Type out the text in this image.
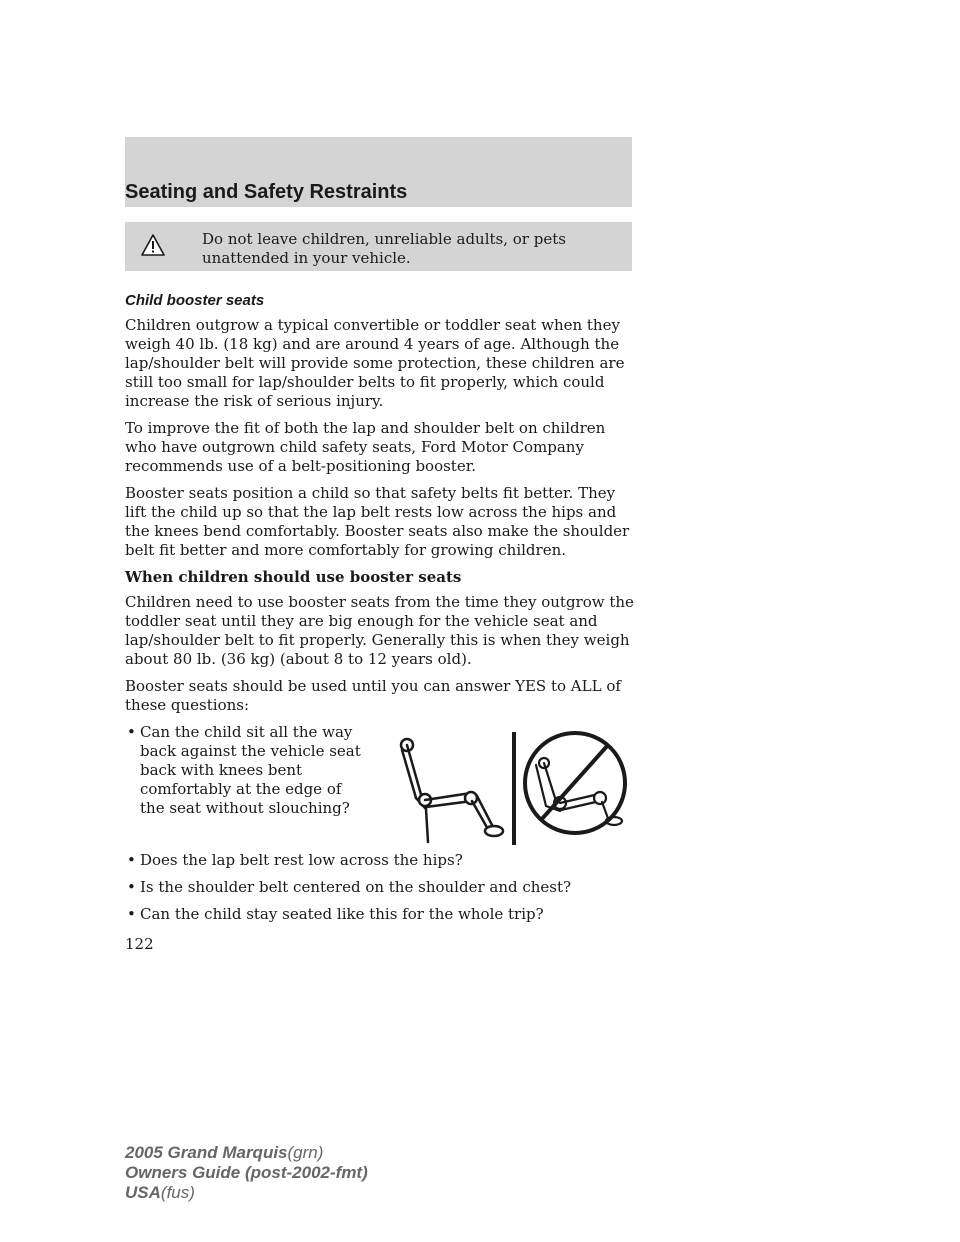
Seating and Safety Restraints

Do not leave children, unreliable adults, or pets unattended in your vehicle.

Child booster seats

Children outgrow a typical convertible or toddler seat when they weigh 40 lb. (18 kg) and are around 4 years of age. Although the lap/shoulder belt will provide some protection, these children are still too small for lap/shoulder belts to fit properly, which could increase the risk of serious injury.

To improve the fit of both the lap and shoulder belt on children who have outgrown child safety seats, Ford Motor Company recommends use of a belt-positioning booster.

Booster seats position a child so that safety belts fit better. They lift the child up so that the lap belt rests low across the hips and the knees bend comfortably. Booster seats also make the shoulder belt fit better and more comfortably for growing children.

When children should use booster seats

Children need to use booster seats from the time they outgrow the toddler seat until they are big enough for the vehicle seat and lap/shoulder belt to fit properly. Generally this is when they weigh about 80 lb. (36 kg) (about 8 to 12 years old).

Booster seats should be used until you can answer YES to ALL of these questions:

• Can the child sit all the way back against the vehicle seat back with knees bent comfortably at the edge of the seat without slouching?
• Does the lap belt rest low across the hips?
• Is the shoulder belt centered on the shoulder and chest?
• Can the child stay seated like this for the whole trip?

122

2005 Grand Marquis(grn)
Owners Guide (post-2002-fmt)
USA(fus)
